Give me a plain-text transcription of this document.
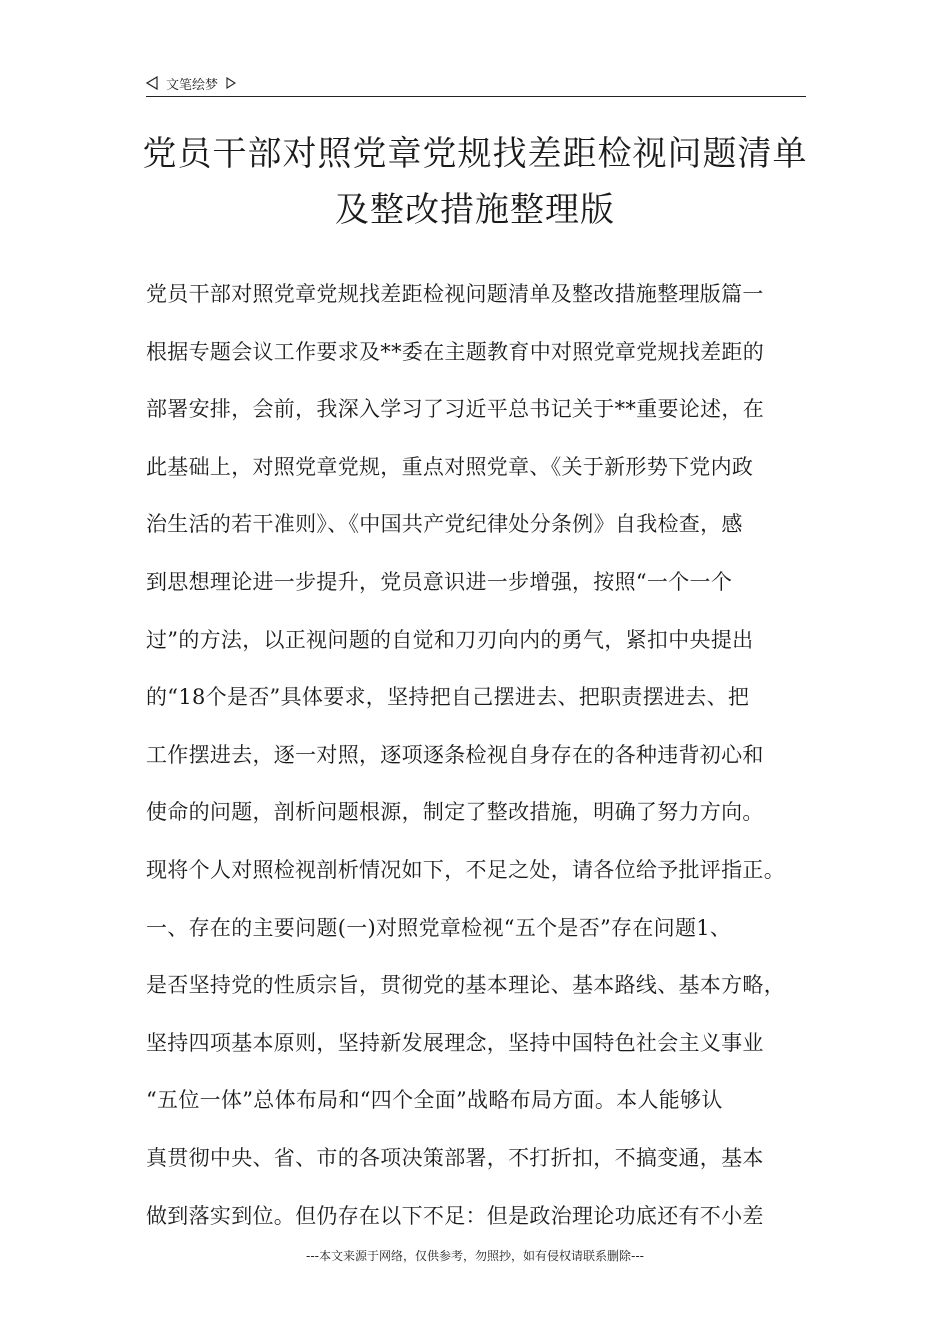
文笔绘梦
党员干部对照党章党规找差距检视问题清单
及整改措施整理版
党员干部对照党章党规找差距检视问题清单及整改措施整理版篇一
根据专题会议工作要求及**委在主题教育中对照党章党规找差距的
部署安排，会前，我深入学习了习近平总书记关于**重要论述，在
此基础上，对照党章党规，重点对照党章、《关于新形势下党内政
治生活的若干准则》、《中国共产党纪律处分条例》自我检查，感
到思想理论进一步提升，党员意识进一步增强，按照“一个一个
过”的方法，以正视问题的自觉和刀刃向内的勇气，紧扣中央提出
的“18个是否”具体要求，坚持把自己摆进去、把职责摆进去、把
工作摆进去，逐一对照，逐项逐条检视自身存在的各种违背初心和
使命的问题，剖析问题根源，制定了整改措施，明确了努力方向。
现将个人对照检视剖析情况如下，不足之处，请各位给予批评指正。
一、存在的主要问题(一)对照党章检视“五个是否”存在问题1、
是否坚持党的性质宗旨，贯彻党的基本理论、基本路线、基本方略，
坚持四项基本原则，坚持新发展理念，坚持中国特色社会主义事业
“五位一体”总体布局和“四个全面”战略布局方面。本人能够认
真贯彻中央、省、市的各项决策部署，不打折扣，不搞变通，基本
做到落实到位。但仍存在以下不足：但是政治理论功底还有不小差
---本文来源于网络，仅供参考，勿照抄，如有侵权请联系删除---
